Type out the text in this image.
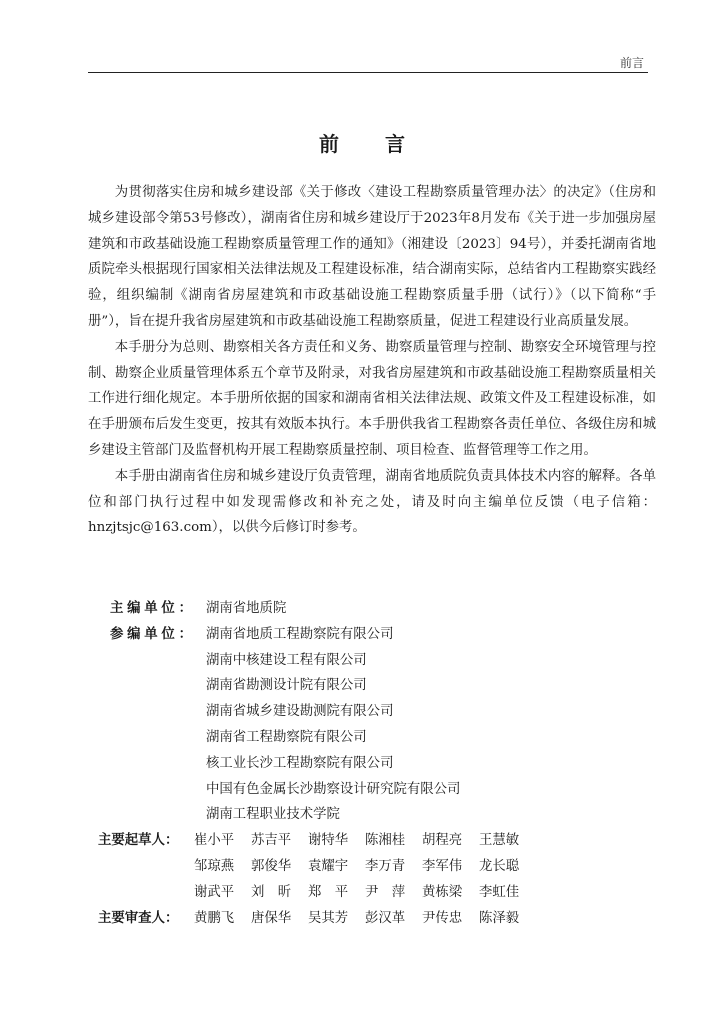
前言
前 言

为贯彻落实住房和城乡建设部《关于修改〈建设工程勘察质量管理办法〉的决定》（住房和城乡建设部令第53号修改），湖南省住房和城乡建设厅于2023年8月发布《关于进一步加强房屋建筑和市政基础设施工程勘察质量管理工作的通知》（湘建设〔2023〕94号），并委托湖南省地质院牵头根据现行国家相关法律法规及工程建设标准，结合湖南实际，总结省内工程勘察实践经验，组织编制《湖南省房屋建筑和市政基础设施工程勘察质量手册（试行）》（以下简称“手册”），旨在提升我省房屋建筑和市政基础设施工程勘察质量，促进工程建设行业高质量发展。

本手册分为总则、勘察相关各方责任和义务、勘察质量管理与控制、勘察安全环境管理与控制、勘察企业质量管理体系五个章节及附录，对我省房屋建筑和市政基础设施工程勘察质量相关工作进行细化规定。本手册所依据的国家和湖南省相关法律法规、政策文件及工程建设标准，如在手册颁布后发生变更，按其有效版本执行。本手册供我省工程勘察各责任单位、各级住房和城乡建设主管部门及监督机构开展工程勘察质量控制、项目检查、监督管理等工作之用。

本手册由湖南省住房和城乡建设厅负责管理，湖南省地质院负责具体技术内容的解释。各单位和部门执行过程中如发现需修改和补充之处，请及时向主编单位反馈（电子信箱：hnzjtsjc@163.com），以供今后修订时参考。

主编单位： 湖南省地质院
参编单位： 湖南省地质工程勘察院有限公司
湖南中核建设工程有限公司
湖南省勘测设计院有限公司
湖南省城乡建设勘测院有限公司
湖南省工程勘察院有限公司
核工业长沙工程勘察院有限公司
中国有色金属长沙勘察设计研究院有限公司
湖南工程职业技术学院
主要起草人：	崔小平	苏吉平	谢特华	陈湘桂	胡程亮	王慧敏
邹琼燕	郭俊华	袁耀宇	李万青	李军伟	龙长聪
谢武平	刘　昕	郑　平	尹　萍	黄栋梁	李虹佳
主要审查人：	黄鹏飞	唐保华	吴其芳	彭汉革	尹传忠	陈泽毅
